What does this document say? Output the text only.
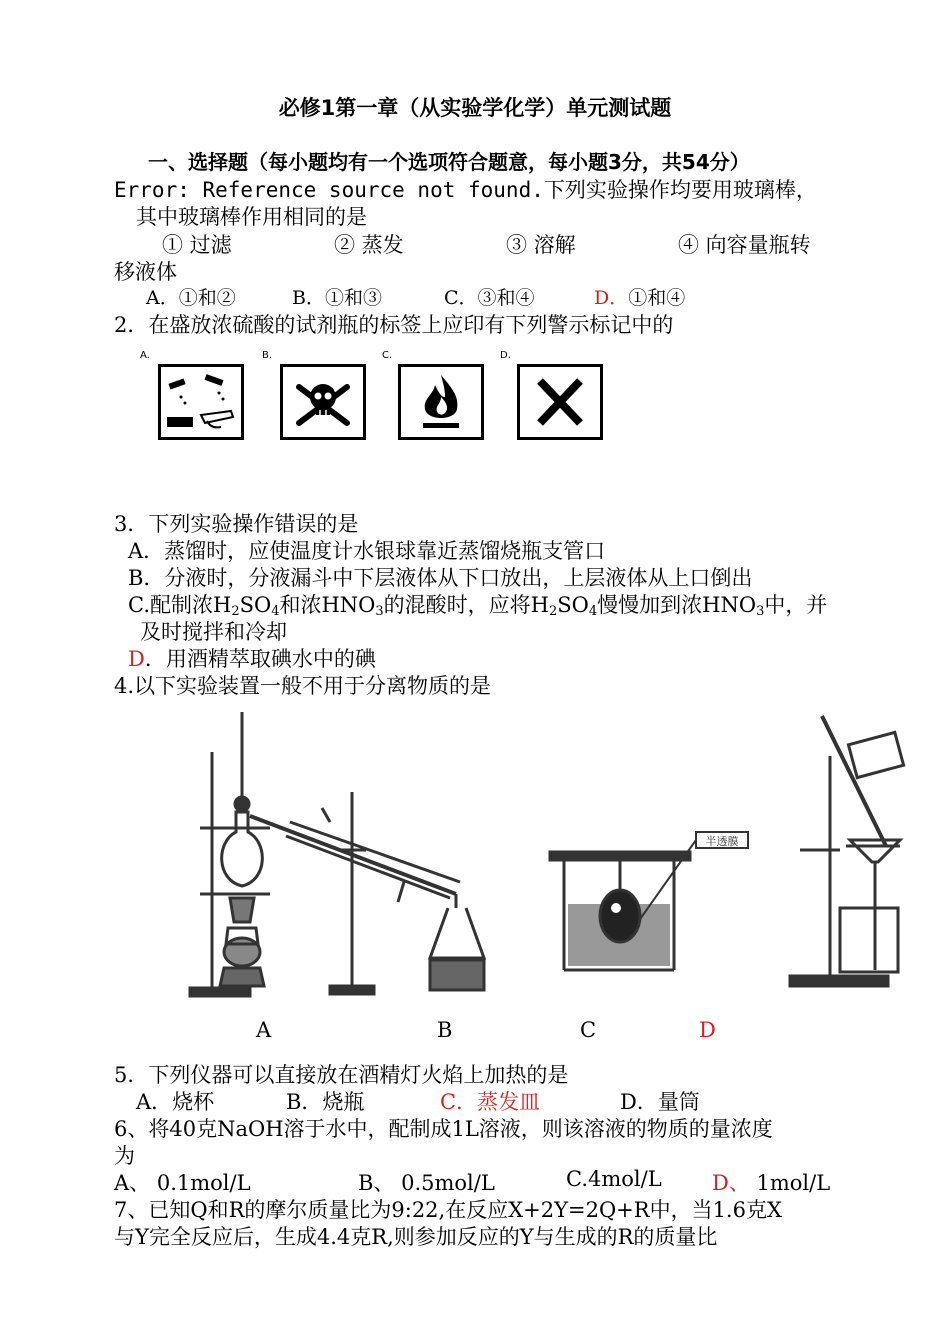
必修1第一章（从实验学化学）单元测试题
一、选择题（每小题均有一个选项符合题意，每小题3分，共54分）
Error: Reference source not found.下列实验操作均要用玻璃棒，
其中玻璃棒作用相同的是
① 过滤	② 蒸发	③ 溶解	④ 向容量瓶转
移液体
A．①和②	B．①和③	C．③和④	D．①和④
2．在盛放浓硫酸的试剂瓶的标签上应印有下列警示标记中的
A.	B.	C.	D.
3．下列实验操作错误的是
A．蒸馏时，应使温度计水银球靠近蒸馏烧瓶支管口
B．分液时，分液漏斗中下层液体从下口放出，上层液体从上口倒出
C.配制浓$H_2SO_4$和浓$HNO_3$的混酸时，应将$H_2SO_4$慢慢加到浓$HNO_3$中，并
及时搅拌和冷却
D．用酒精萃取碘水中的碘
4.以下实验装置一般不用于分离物质的是
半透膜
A	B	C	D
5．下列仪器可以直接放在酒精灯火焰上加热的是
A．烧杯	B．烧瓶	C．蒸发皿	D．量筒
6、将40克NaOH溶于水中，配制成1L溶液，则该溶液的物质的量浓度
为
A、 0.1mol/L	B、 0.5mol/L	C.4mol/L D、 1mol/L
7、已知Q和R的摩尔质量比为9:22,在反应X+2Y=2Q+R中，当1.6克X
与Y完全反应后，生成4.4克R,则参加反应的Y与生成的R的质量比
